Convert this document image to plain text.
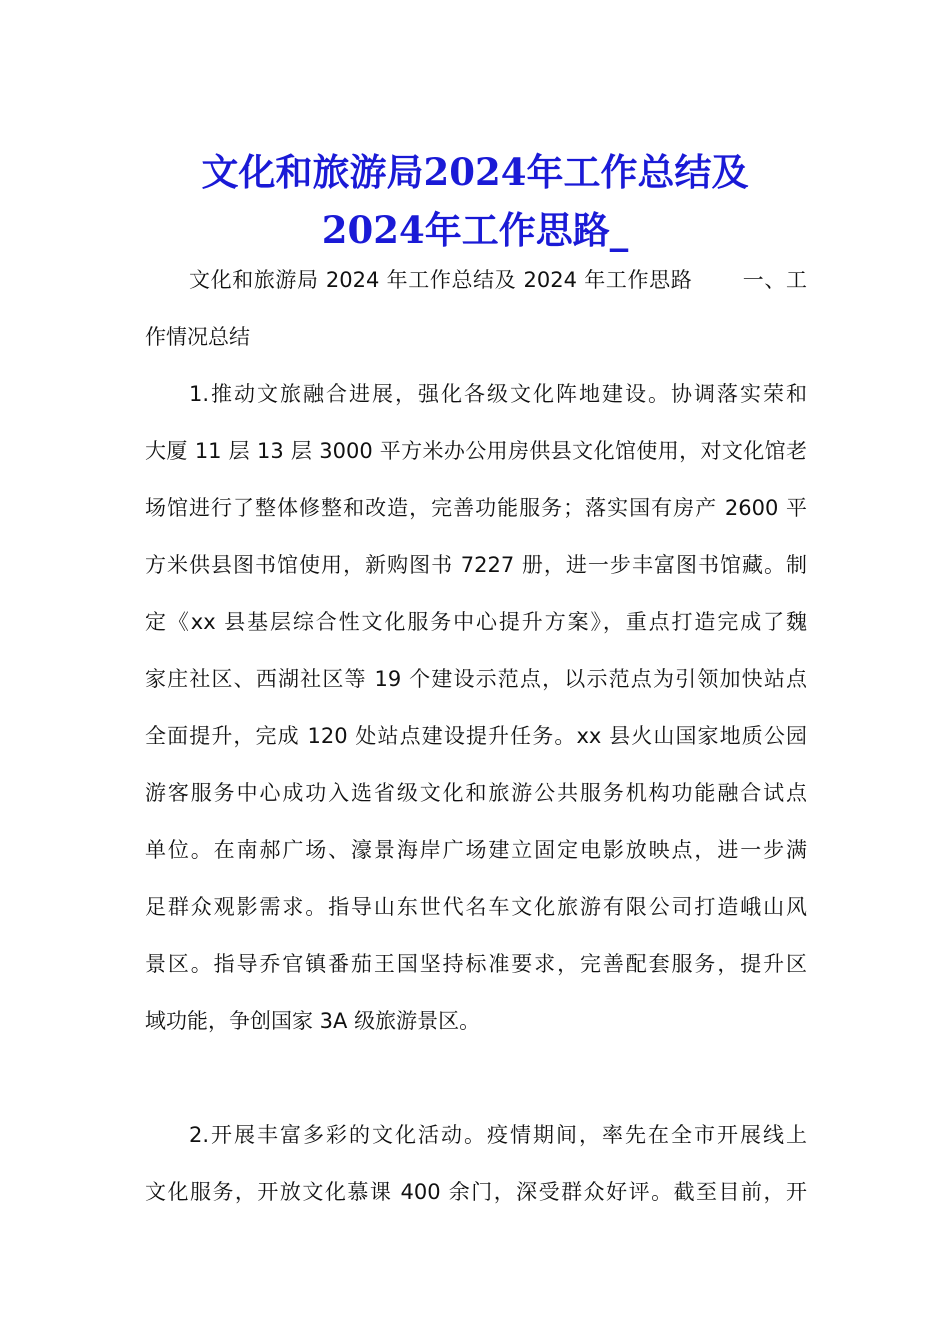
文化和旅游局2024年工作总结及
2024年工作思路_
文化和旅游局 2024 年工作总结及 2024 年工作思路　　 一、工
作情况总结
1.推动文旅融合进展，强化各级文化阵地建设。协调落实荣和
大厦 11 层 13 层 3000 平方米办公用房供县文化馆使用，对文化馆老
场馆进行了整体修整和改造，完善功能服务；落实国有房产 2600 平
方米供县图书馆使用，新购图书 7227 册，进一步丰富图书馆藏。制
定《xx 县基层综合性文化服务中心提升方案》，重点打造完成了魏
家庄社区、西湖社区等 19 个建设示范点，以示范点为引领加快站点
全面提升，完成 120 处站点建设提升任务。xx 县火山国家地质公园
游客服务中心成功入选省级文化和旅游公共服务机构功能融合试点
单位。在南郝广场、濠景海岸广场建立固定电影放映点，进一步满
足群众观影需求。指导山东世代名车文化旅游有限公司打造峨山风
景区。指导乔官镇番茄王国坚持标准要求，完善配套服务，提升区
域功能，争创国家 3A 级旅游景区。
2.开展丰富多彩的文化活动。疫情期间，率先在全市开展线上
文化服务，开放文化慕课 400 余门，深受群众好评。截至目前，开
